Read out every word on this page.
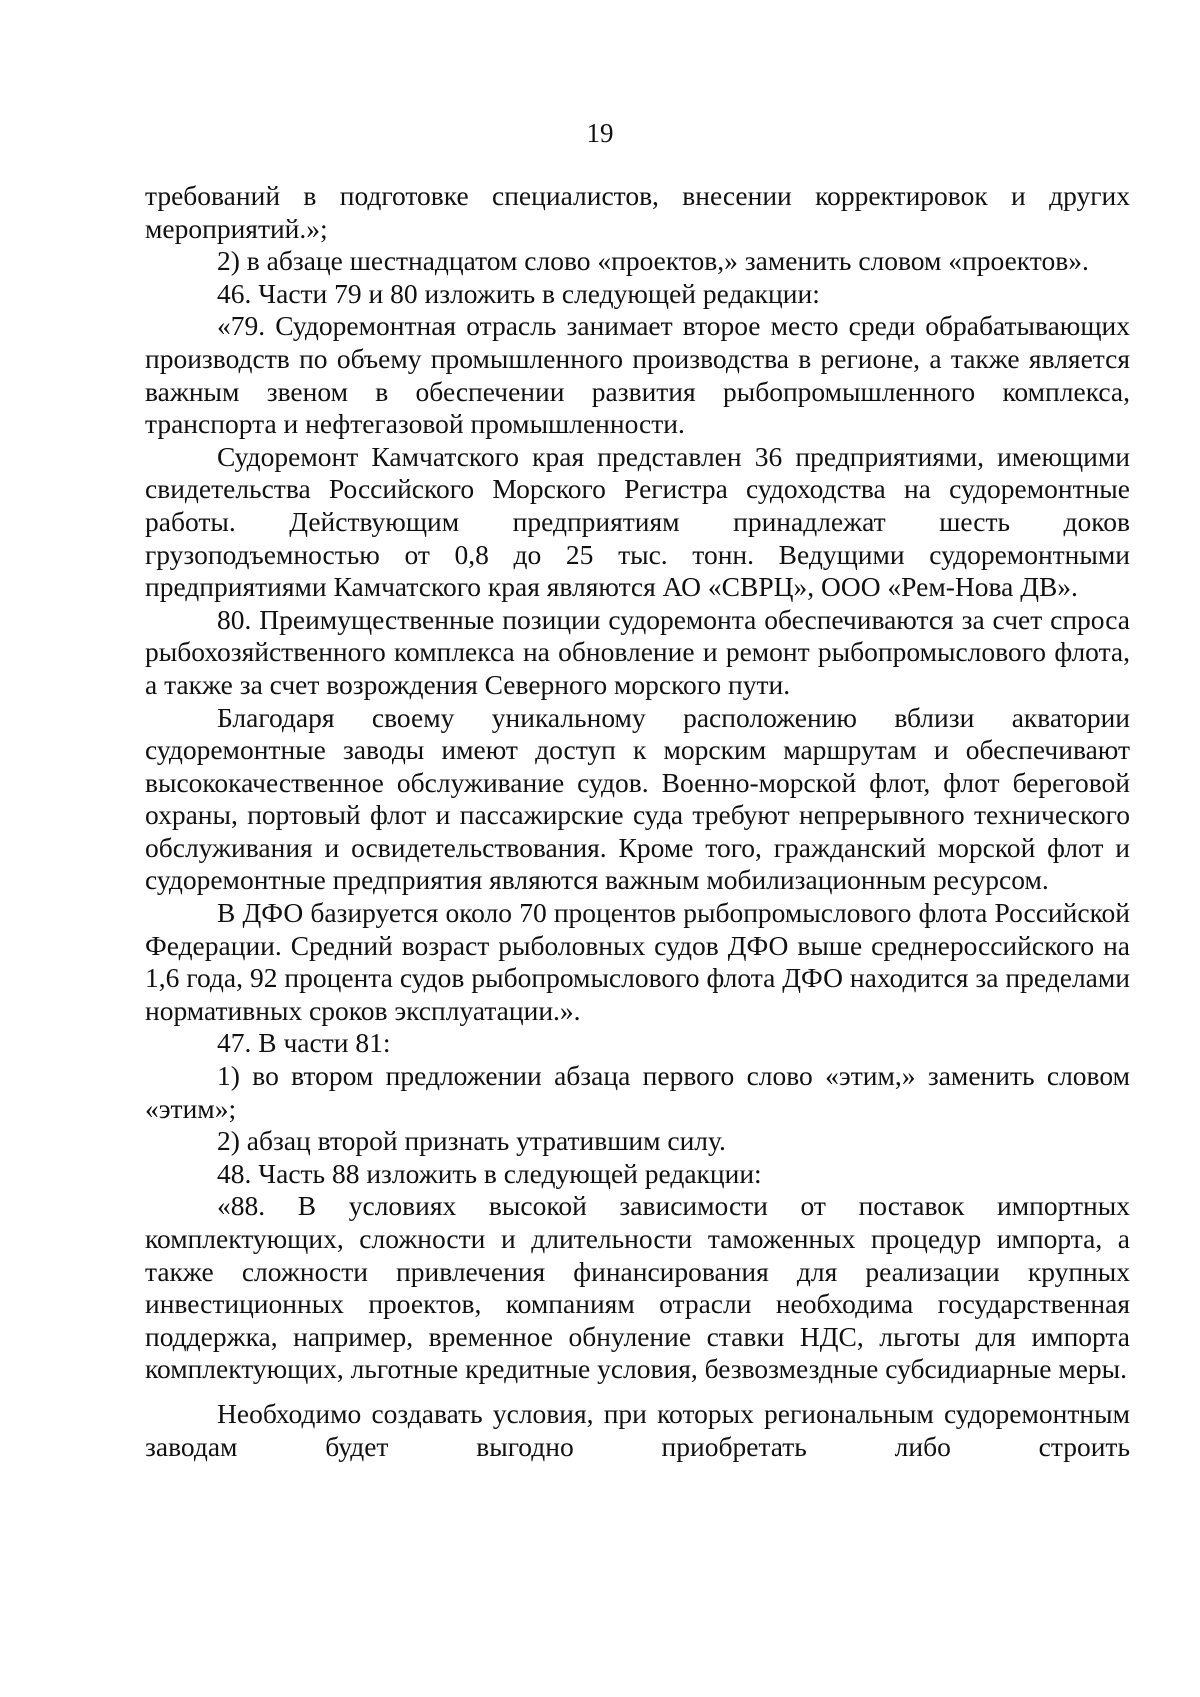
19

требований в подготовке специалистов, внесении корректировок и других мероприятий.»;

2) в абзаце шестнадцатом слово «проектов,» заменить словом «проектов».

46. Части 79 и 80 изложить в следующей редакции:

«79. Судоремонтная отрасль занимает второе место среди обрабатывающих производств по объему промышленного производства в регионе, а также является важным звеном в обеспечении развития рыбопромышленного комплекса, транспорта и нефтегазовой промышленности.

Судоремонт Камчатского края представлен 36 предприятиями, имеющими свидетельства Российского Морского Регистра судоходства на судоремонтные работы. Действующим предприятиям принадлежат шесть доков грузоподъемностью от 0,8 до 25 тыс. тонн. Ведущими судоремонтными предприятиями Камчатского края являются АО «СВРЦ», ООО «Рем-Нова ДВ».

80. Преимущественные позиции судоремонта обеспечиваются за счет спроса рыбохозяйственного комплекса на обновление и ремонт рыбопромыслового флота, а также за счет возрождения Северного морского пути.

Благодаря своему уникальному расположению вблизи акватории судоремонтные заводы имеют доступ к морским маршрутам и обеспечивают высококачественное обслуживание судов. Военно-морской флот, флот береговой охраны, портовый флот и пассажирские суда требуют непрерывного технического обслуживания и освидетельствования. Кроме того, гражданский морской флот и судоремонтные предприятия являются важным мобилизационным ресурсом.

В ДФО базируется около 70 процентов рыбопромыслового флота Российской Федерации. Средний возраст рыболовных судов ДФО выше среднероссийского на 1,6 года, 92 процента судов рыбопромыслового флота ДФО находится за пределами нормативных сроков эксплуатации.».

47. В части 81:

1) во втором предложении абзаца первого слово «этим,» заменить словом «этим»;

2) абзац второй признать утратившим силу.

48. Часть 88 изложить в следующей редакции:

«88. В условиях высокой зависимости от поставок импортных комплектующих, сложности и длительности таможенных процедур импорта, а также сложности привлечения финансирования для реализации крупных инвестиционных проектов, компаниям отрасли необходима государственная поддержка, например, временное обнуление ставки НДС, льготы для импорта комплектующих, льготные кредитные условия, безвозмездные субсидиарные меры.

Необходимо создавать условия, при которых региональным судоремонтным заводам будет выгодно приобретать либо строить
